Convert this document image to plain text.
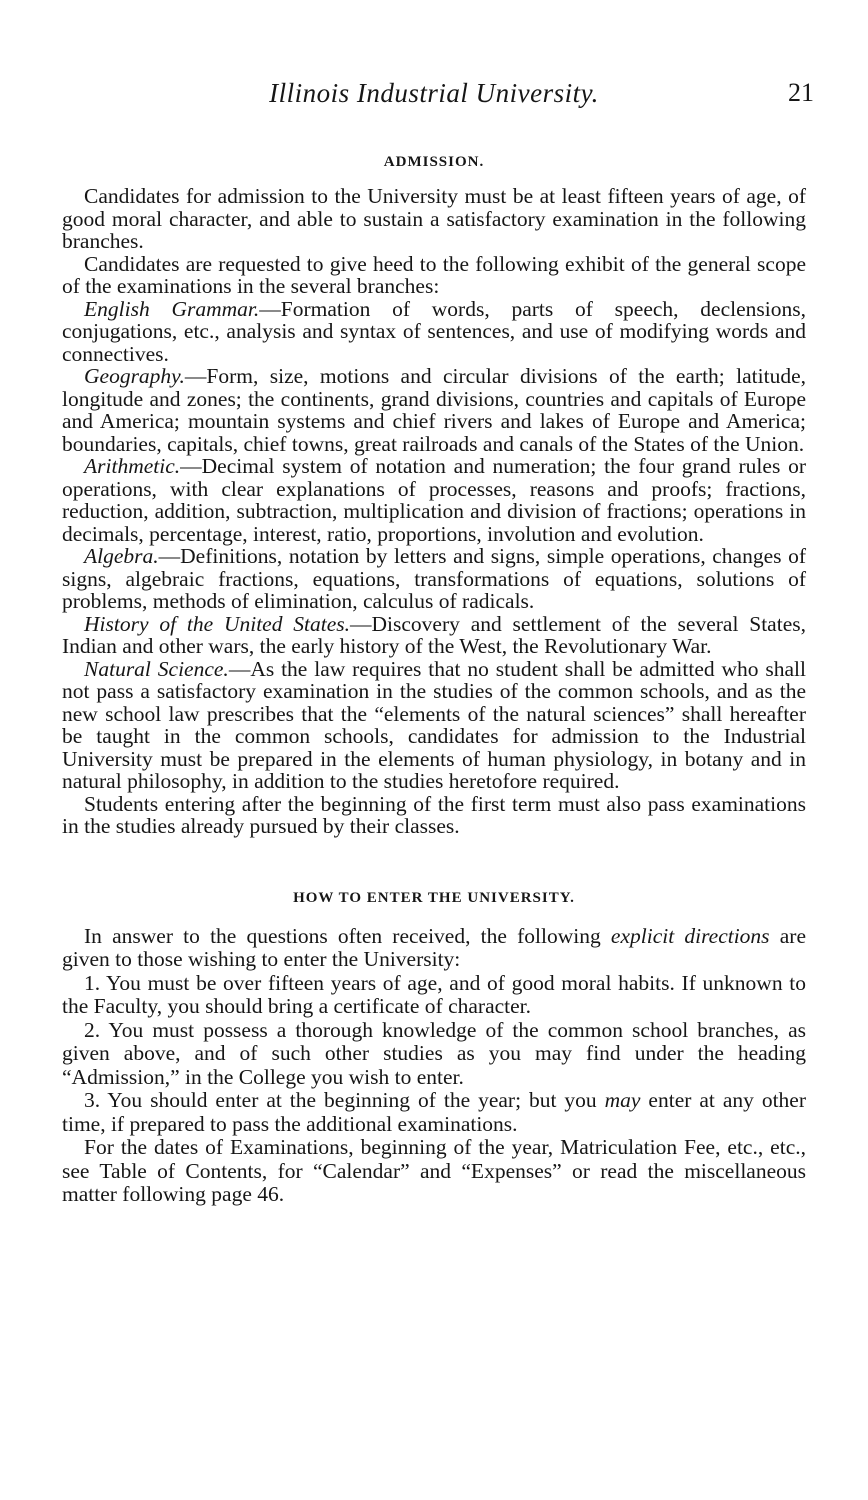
Illinois Industrial University.	21
ADMISSION.

Candidates for admission to the University must be at least fifteen years of age, of good moral character, and able to sustain a satisfactory examination in the following branches.

Candidates are requested to give heed to the following exhibit of the general scope of the examinations in the several branches:

English Grammar.—Formation of words, parts of speech, declensions, conjugations, etc., analysis and syntax of sentences, and use of modifying words and connectives.

Geography.—Form, size, motions and circular divisions of the earth; latitude, longitude and zones; the continents, grand divisions, countries and capitals of Europe and America; mountain systems and chief rivers and lakes of Europe and America; boundaries, capitals, chief towns, great railroads and canals of the States of the Union.

Arithmetic.—Decimal system of notation and numeration; the four grand rules or operations, with clear explanations of processes, reasons and proofs; fractions, reduction, addition, subtraction, multiplication and division of fractions; operations in decimals, percentage, interest, ratio, proportions, involution and evolution.

Algebra.—Definitions, notation by letters and signs, simple operations, changes of signs, algebraic fractions, equations, transformations of equations, solutions of problems, methods of elimination, calculus of radicals.

History of the United States.—Discovery and settlement of the several States, Indian and other wars, the early history of the West, the Revolutionary War.

Natural Science.—As the law requires that no student shall be admitted who shall not pass a satisfactory examination in the studies of the common schools, and as the new school law prescribes that the “elements of the natural sciences” shall hereafter be taught in the common schools, candidates for admission to the Industrial University must be prepared in the elements of human physiology, in botany and in natural philosophy, in addition to the studies heretofore required.

Students entering after the beginning of the first term must also pass examinations in the studies already pursued by their classes.

HOW TO ENTER THE UNIVERSITY.

In answer to the questions often received, the following explicit directions are given to those wishing to enter the University:

1. You must be over fifteen years of age, and of good moral habits. If unknown to the Faculty, you should bring a certificate of character.

2. You must possess a thorough knowledge of the common school branches, as given above, and of such other studies as you may find under the heading “Admission,” in the College you wish to enter.

3. You should enter at the beginning of the year; but you may enter at any other time, if prepared to pass the additional examinations.

For the dates of Examinations, beginning of the year, Matriculation Fee, etc., etc., see Table of Contents, for “Calendar” and “Expenses” or read the miscellaneous matter following page 46.
